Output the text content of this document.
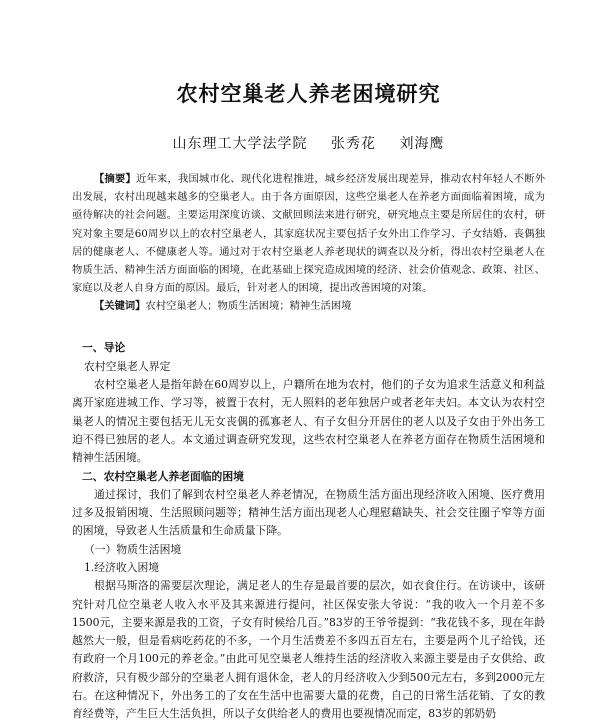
农村空巢老人养老困境研究
山东理工大学法学院 张秀花 刘海鹰
【摘要】近年来，我国城市化、现代化进程推进，城乡经济发展出现差异，推动农村年轻人不断外出发展，农村出现越来越多的空巢老人。由于各方面原因，这些空巢老人在养老方面面临着困境，成为亟待解决的社会问题。主要运用深度访谈、文献回顾法来进行研究，研究地点主要是所居住的农村，研究对象主要是60周岁以上的农村空巢老人，其家庭状况主要包括子女外出工作学习、子女结婚、丧偶独居的健康老人、不健康老人等。通过对于农村空巢老人养老现状的调查以及分析，得出农村空巢老人在物质生活、精神生活方面面临的困境，在此基础上探究造成困境的经济、社会价值观念、政策、社区、家庭以及老人自身方面的原因。最后，针对老人的困境，提出改善困境的对策。
【关键词】农村空巢老人；物质生活困境；精神生活困境

一、导论

农村空巢老人界定

农村空巢老人是指年龄在60周岁以上，户籍所在地为农村，他们的子女为追求生活意义和利益离开家庭进城工作、学习等，被置于农村，无人照料的老年独居户或者老年夫妇。本文认为农村空巢老人的情况主要包括无儿无女丧偶的孤寡老人、有子女但分开居住的老人以及子女由于外出务工迫不得已独居的老人。本文通过调查研究发现，这些农村空巢老人在养老方面存在物质生活困境和精神生活困境。

二、农村空巢老人养老面临的困境

通过探讨，我们了解到农村空巢老人养老情况，在物质生活方面出现经济收入困境、医疗费用过多及报销困境、生活照顾问题等；精神生活方面出现老人心理慰藉缺失、社会交往圈子窄等方面的困境，导致老人生活质量和生命质量下降。

（一）物质生活困境

1.经济收入困境

根据马斯洛的需要层次理论，满足老人的生存是最首要的层次，如衣食住行。在访谈中，该研究针对几位空巢老人收入水平及其来源进行提问，社区保安张大爷说：“我的收入一个月差不多1500元，主要来源是我的工资，子女有时候给几百。”83岁的王爷爷提到：“我花钱不多，现在年龄越然大一般，但是看病吃药花的不多，一个月生活费差不多四五百左右，主要是两个儿子给钱，还有政府一个月100元的养老金。”由此可见空巢老人维持生活的经济收入来源主要是由子女供给、政府救济，只有极少部分的空巢老人拥有退休金，老人的月经济收入少到500元左右，多到2000元左右。在这种情况下，外出务工的了女在生活中也需要大量的花费，自己的日常生活花销、了女的教育经费等，产生巨大生活负担，所以子女供给老人的费用也要视情况而定，83岁的郭奶奶
